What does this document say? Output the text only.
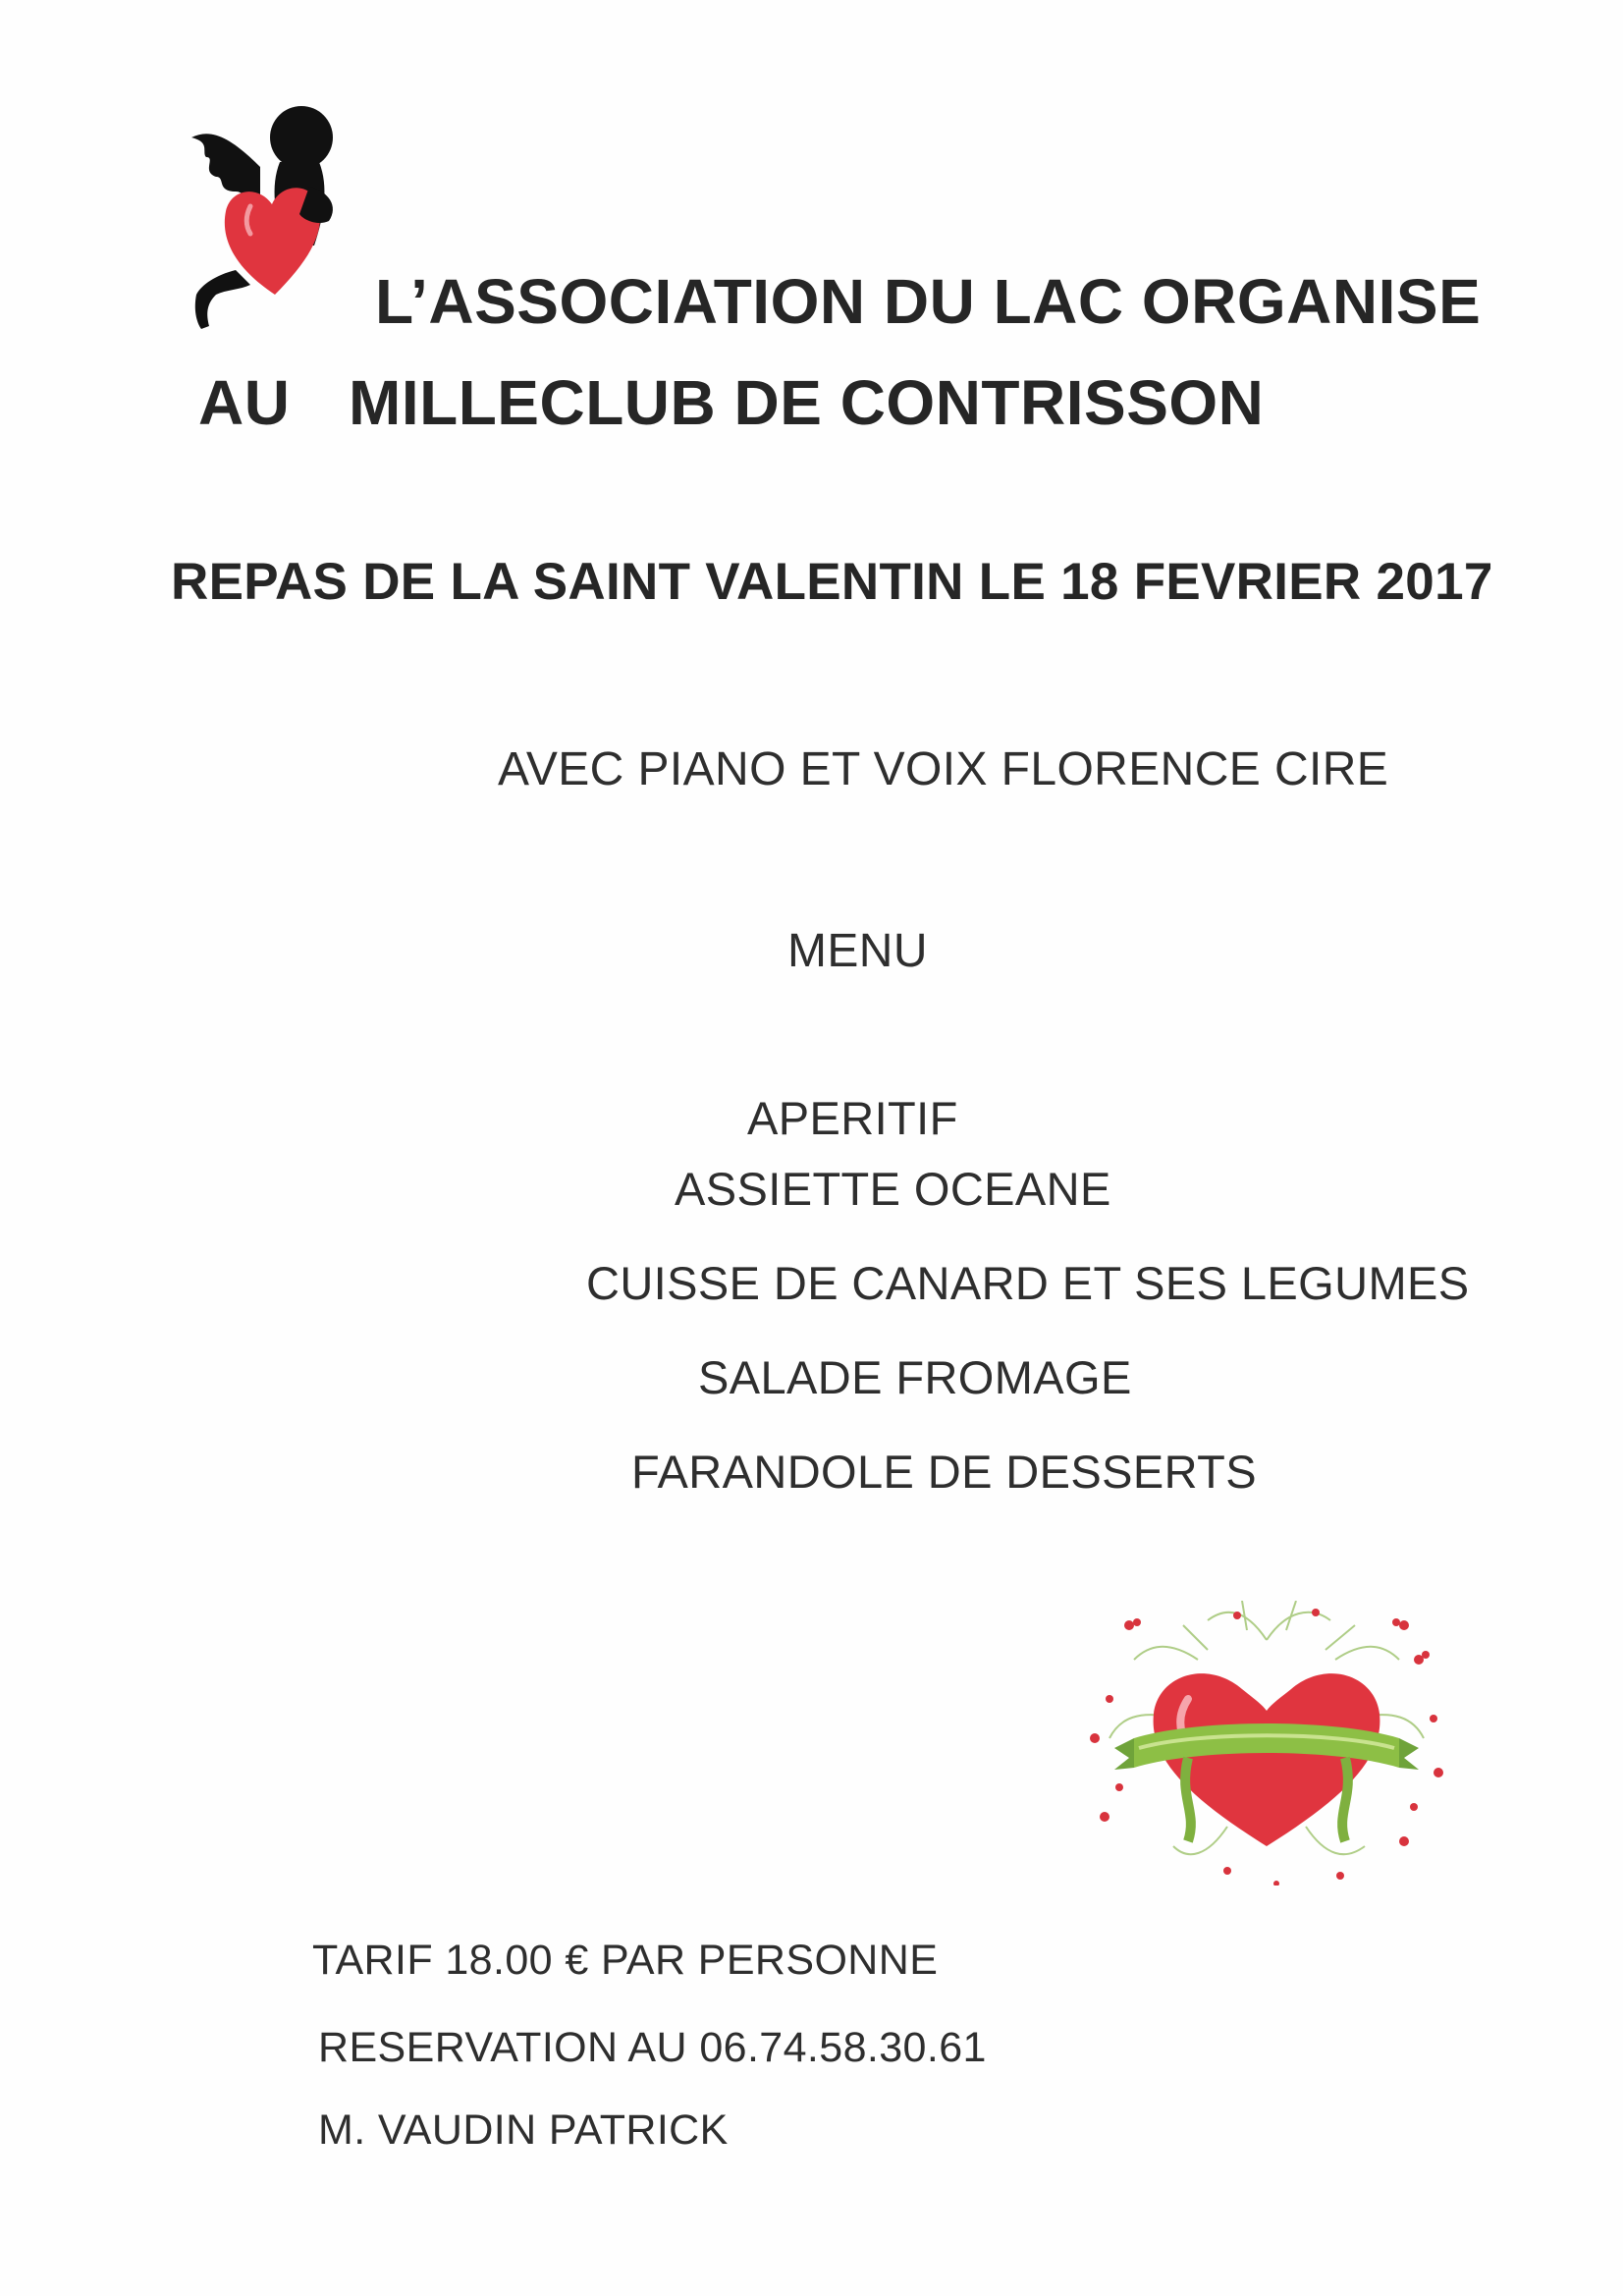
L’ASSOCIATION DU LAC ORGANISE
AU MILLECLUB DE CONTRISSON
REPAS DE LA SAINT VALENTIN LE 18 FEVRIER 2017
AVEC PIANO ET VOIX FLORENCE CIRE
MENU
APERITIF
ASSIETTE OCEANE
CUISSE DE CANARD ET SES LEGUMES
SALADE FROMAGE
FARANDOLE DE DESSERTS
TARIF 18.00 € PAR PERSONNE
RESERVATION AU 06.74.58.30.61
M. VAUDIN PATRICK
